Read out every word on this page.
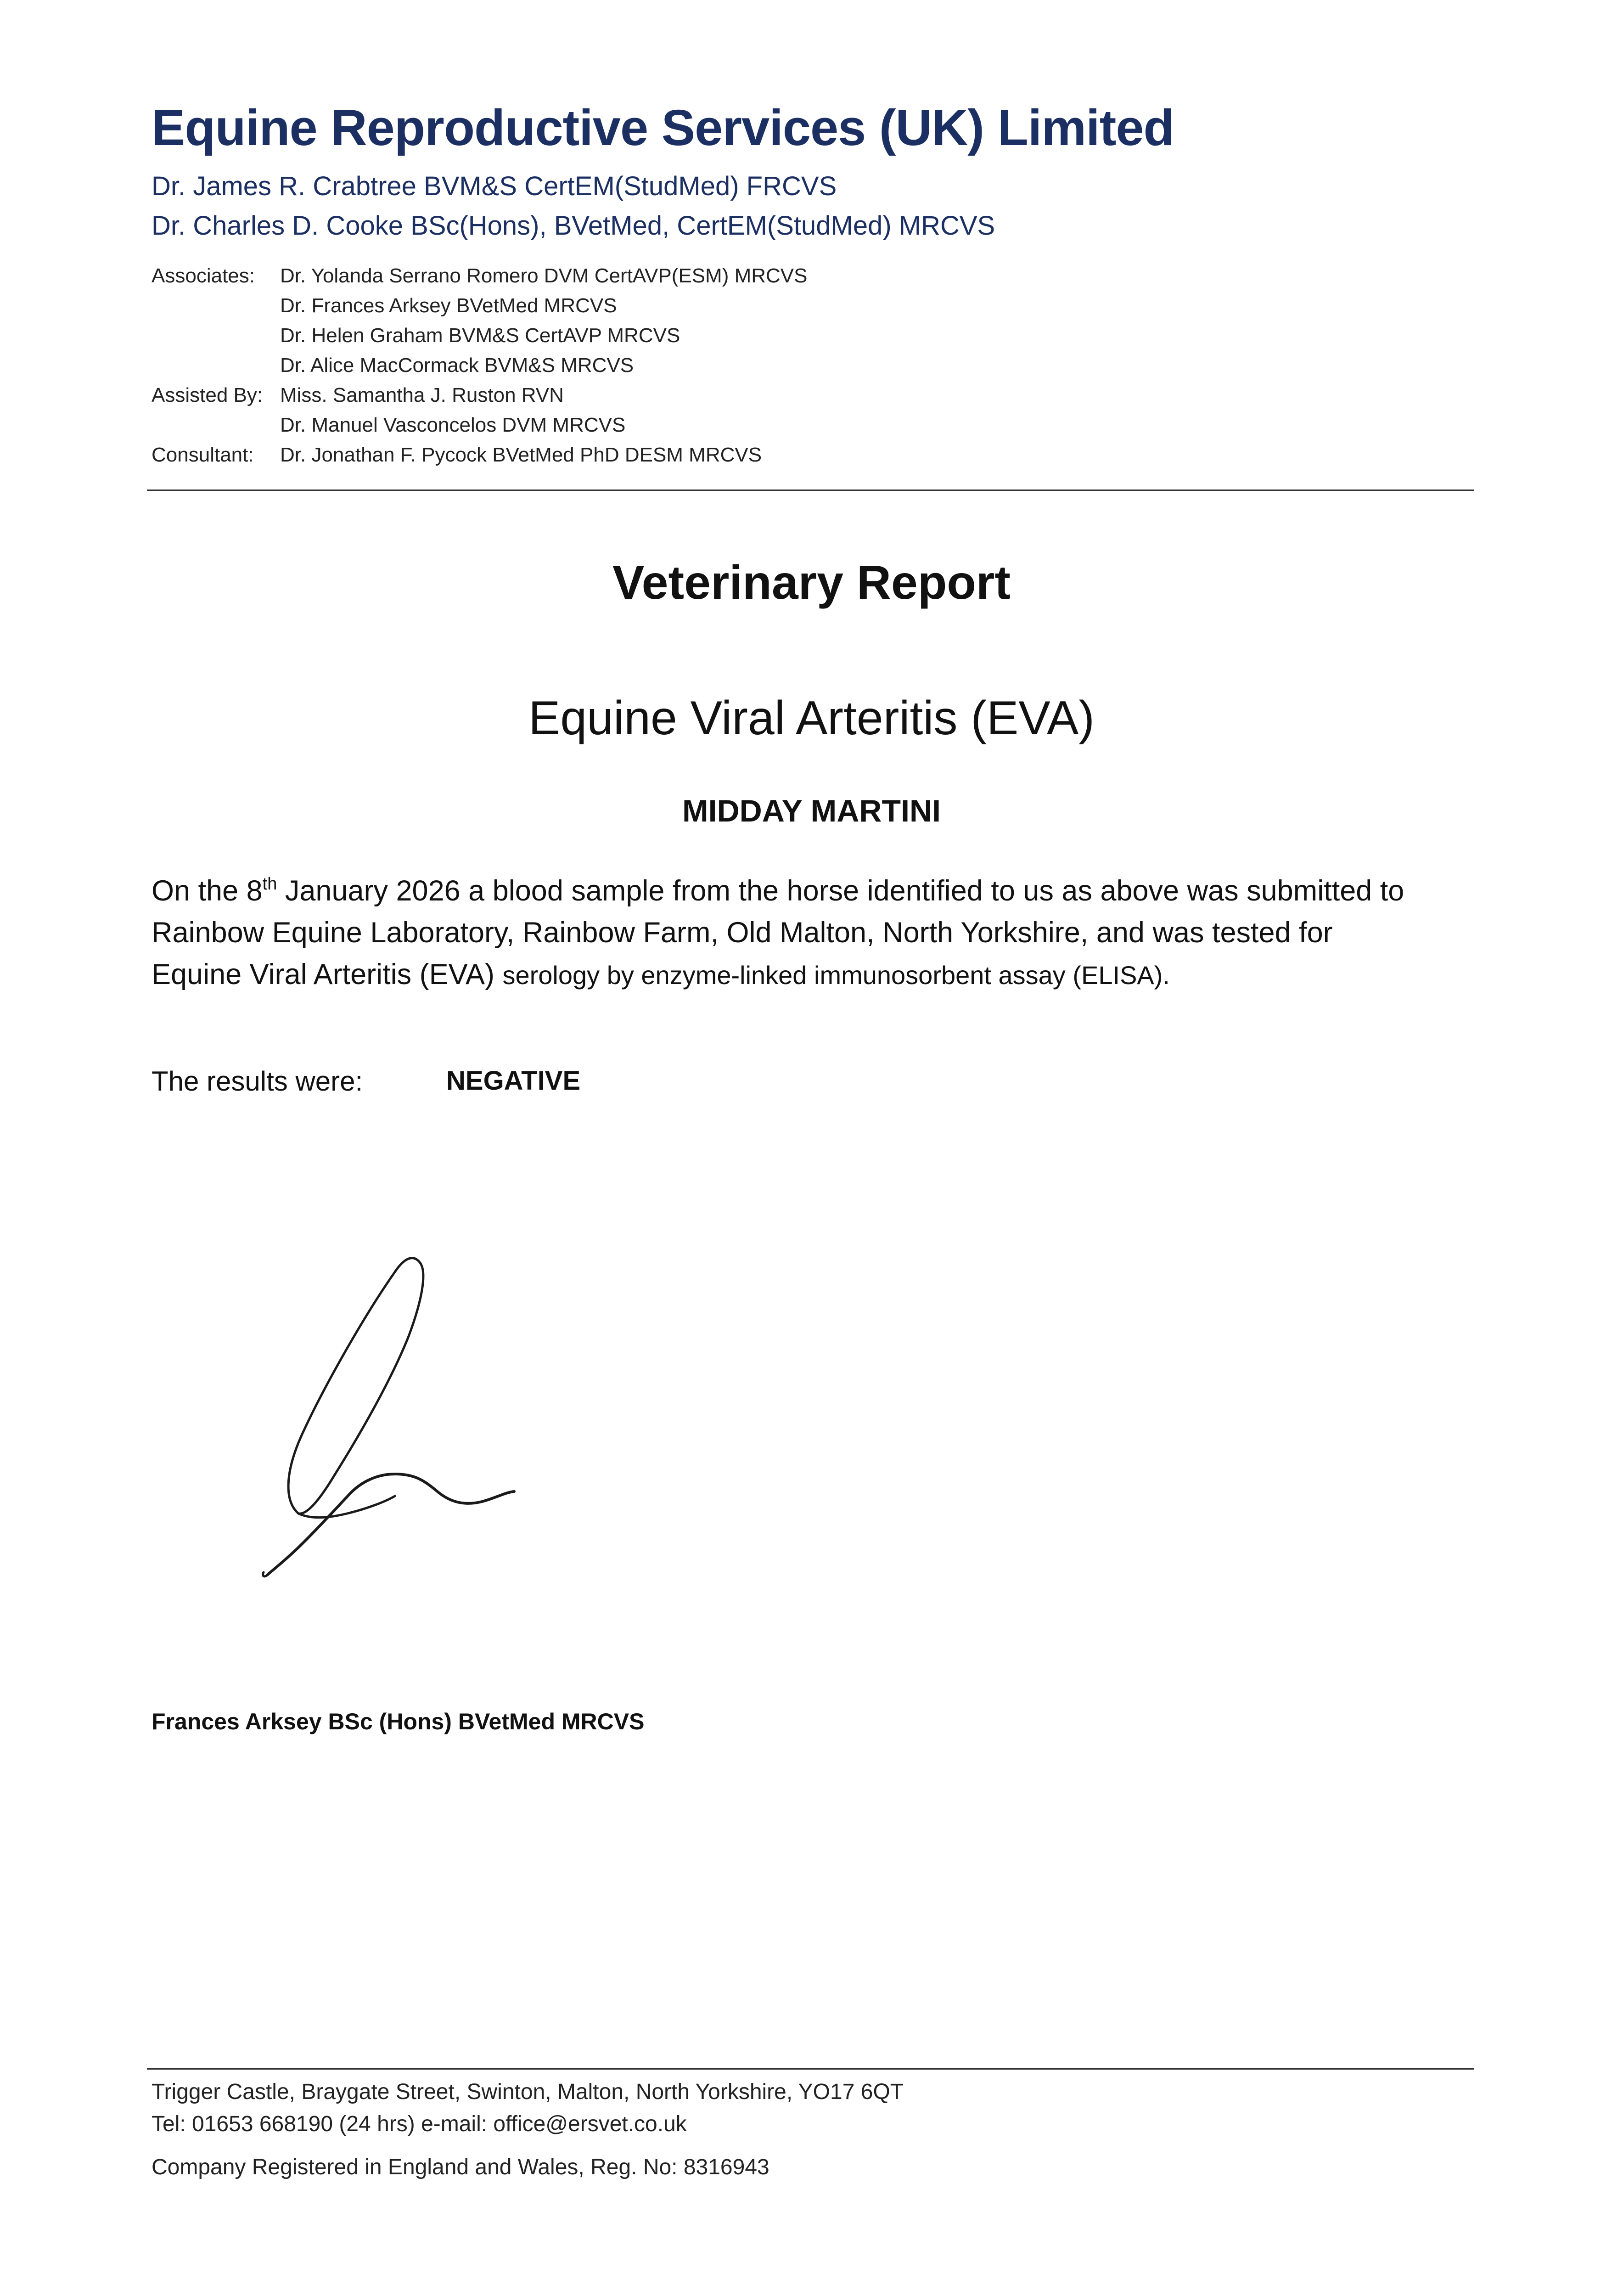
Equine Reproductive Services (UK) Limited
Dr. James R. Crabtree BVM&S CertEM(StudMed) FRCVS
Dr. Charles D. Cooke BSc(Hons), BVetMed, CertEM(StudMed) MRCVS
Associates:	Dr. Yolanda Serrano Romero DVM CertAVP(ESM) MRCVS
Dr. Frances Arksey BVetMed MRCVS
Dr. Helen Graham BVM&S CertAVP MRCVS
Dr. Alice MacCormack BVM&S MRCVS
Assisted By: Miss. Samantha J. Ruston RVN
Dr. Manuel Vasconcelos DVM MRCVS
Consultant:	Dr. Jonathan F. Pycock BVetMed PhD DESM MRCVS
Veterinary Report
Equine Viral Arteritis (EVA)
MIDDAY MARTINI
On the 8th January 2026 a blood sample from the horse identified to us as above was submitted to
Rainbow Equine Laboratory, Rainbow Farm, Old Malton, North Yorkshire, and was tested for
Equine Viral Arteritis (EVA) serology by enzyme-linked immunosorbent assay (ELISA).
The results were:	NEGATIVE
Frances Arksey BSc (Hons) BVetMed MRCVS
Trigger Castle, Braygate Street, Swinton, Malton, North Yorkshire, YO17 6QT
Tel: 01653 668190 (24 hrs) e-mail: office@ersvet.co.uk
Company Registered in England and Wales, Reg. No: 8316943
